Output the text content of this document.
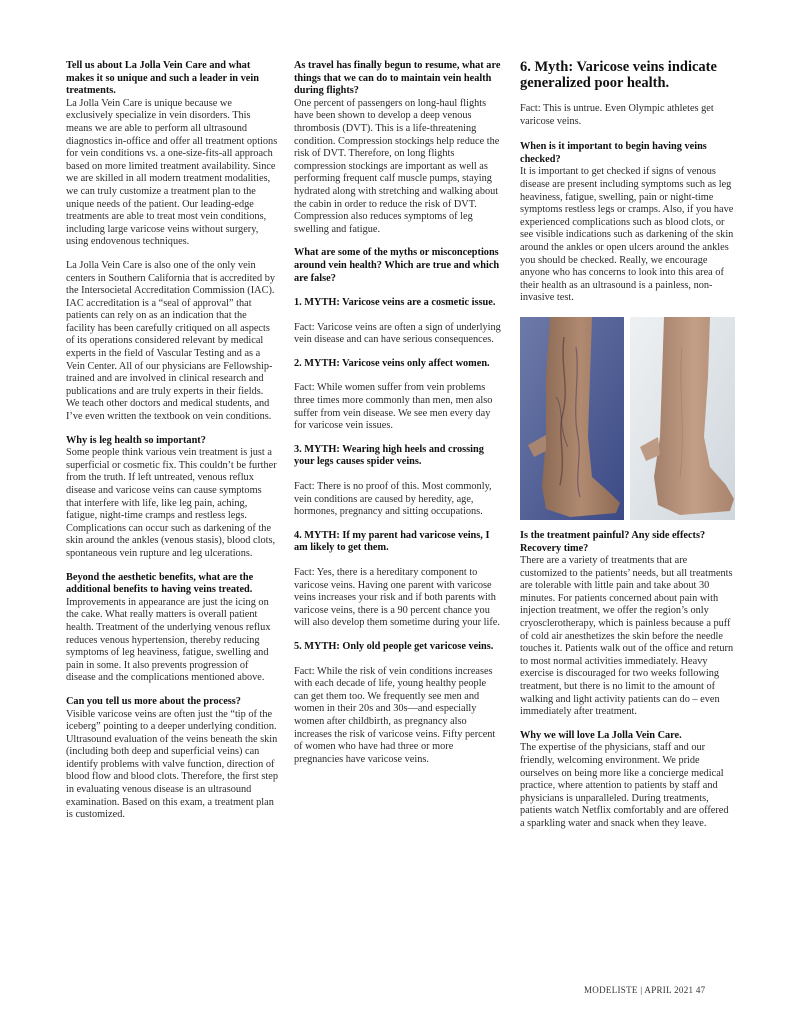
Tell us about La Jolla Vein Care and what makes it so unique and such a leader in vein treatments.

La Jolla Vein Care is unique because we exclusively specialize in vein disorders. This means we are able to perform all ultrasound diagnostics in-office and offer all treatment options for vein conditions vs. a one-size-fits-all approach based on more limited treatment availability. Since we are skilled in all modern treatment modalities, we can truly customize a treatment plan to the unique needs of the patient. Our leading-edge treatments are able to treat most vein conditions, including large varicose veins without surgery, using endovenous techniques.

La Jolla Vein Care is also one of the only vein centers in Southern California that is accredited by the Intersocietal Accreditation Commission (IAC). IAC accreditation is a “seal of approval” that patients can rely on as an indication that the facility has been carefully critiqued on all aspects of its operations considered relevant by medical experts in the field of Vascular Testing and as a Vein Center. All of our physicians are Fellowship-trained and are involved in clinical research and publications and are truly experts in their fields. We teach other doctors and medical students, and I’ve even written the textbook on vein conditions.

Why is leg health so important?

Some people think various vein treatment is just a superficial or cosmetic fix. This couldn’t be further from the truth. If left untreated, venous reflux disease and varicose veins can cause symptoms that interfere with life, like leg pain, aching, fatigue, night-time cramps and restless legs. Complications can occur such as darkening of the skin around the ankles (venous stasis), blood clots, spontaneous vein rupture and leg ulcerations.

Beyond the aesthetic benefits, what are the additional benefits to having veins treated.

Improvements in appearance are just the icing on the cake. What really matters is overall patient health. Treatment of the underlying venous reflux reduces venous hypertension, thereby reducing symptoms of leg heaviness, fatigue, swelling and pain in some. It also prevents progression of disease and the complications mentioned above.

Can you tell us more about the process?

Visible varicose veins are often just the “tip of the iceberg” pointing to a deeper underlying condition. Ultrasound evaluation of the veins beneath the skin (including both deep and superficial veins) can identify problems with valve function, direction of blood flow and blood clots. Therefore, the first step in evaluating venous disease is an ultrasound examination. Based on this exam, a treatment plan is customized.

As travel has finally begun to resume, what are things that we can do to maintain vein health during flights?

One percent of passengers on long-haul flights have been shown to develop a deep venous thrombosis (DVT). This is a life-threatening condition. Compression stockings help reduce the risk of DVT. Therefore, on long flights compression stockings are important as well as performing frequent calf muscle pumps, staying hydrated along with stretching and walking about the cabin in order to reduce the risk of DVT. Compression also reduces symptoms of leg swelling and fatigue.

What are some of the myths or misconceptions around vein health? Which are true and which are false?
1. MYTH: Varicose veins are a cosmetic issue.

Fact: Varicose veins are often a sign of underlying vein disease and can have serious consequences.

2. MYTH: Varicose veins only affect women.

Fact: While women suffer from vein problems three times more commonly than men, men also suffer from vein disease. We see men every day for varicose vein issues.

3. MYTH: Wearing high heels and crossing your legs causes spider veins.

Fact: There is no proof of this. Most commonly, vein conditions are caused by heredity, age, hormones, pregnancy and sitting occupations.

4. MYTH: If my parent had varicose veins, I am likely to get them.

Fact: Yes, there is a hereditary component to varicose veins. Having one parent with varicose veins increases your risk and if both parents with varicose veins, there is a 90 percent chance you will also develop them sometime during your life.

5. MYTH: Only old people get varicose veins.

Fact: While the risk of vein conditions increases with each decade of life, young healthy people can get them too. We frequently see men and women in their 20s and 30s—and especially women after childbirth, as pregnancy also increases the risk of varicose veins. Fifty percent of women who have had three or more pregnancies have varicose veins.

6. Myth: Varicose veins indicate generalized poor health.

Fact: This is untrue. Even Olympic athletes get varicose veins.

When is it important to begin having veins checked?

It is important to get checked if signs of venous disease are present including symptoms such as leg heaviness, fatigue, swelling, pain or night-time symptoms restless legs or cramps. Also, if you have experienced complications such as blood clots, or see visible indications such as darkening of the skin around the ankles or open ulcers around the ankles you should be checked. Really, we encourage anyone who has concerns to look into this area of their health as an ultrasound is a painless, non-invasive test.

Is the treatment painful? Any side effects? Recovery time?

There are a variety of treatments that are customized to the patients’ needs, but all treatments are tolerable with little pain and take about 30 minutes. For patients concerned about pain with injection treatment, we offer the region’s only cryosclerotherapy, which is painless because a puff of cold air anesthetizes the skin before the needle touches it. Patients walk out of the office and return to most normal activities immediately. Heavy exercise is discouraged for two weeks following treatment, but there is no limit to the amount of walking and light activity patients can do – even immediately after treatment.

Why we will love La Jolla Vein Care.

The expertise of the physicians, staff and our friendly, welcoming environment. We pride ourselves on being more like a concierge medical practice, where attention to patients by staff and physicians is unparalleled. During treatments, patients watch Netflix comfortably and are offered a sparkling water and snack when they leave.

MODELISTE | APRIL 2021 47
